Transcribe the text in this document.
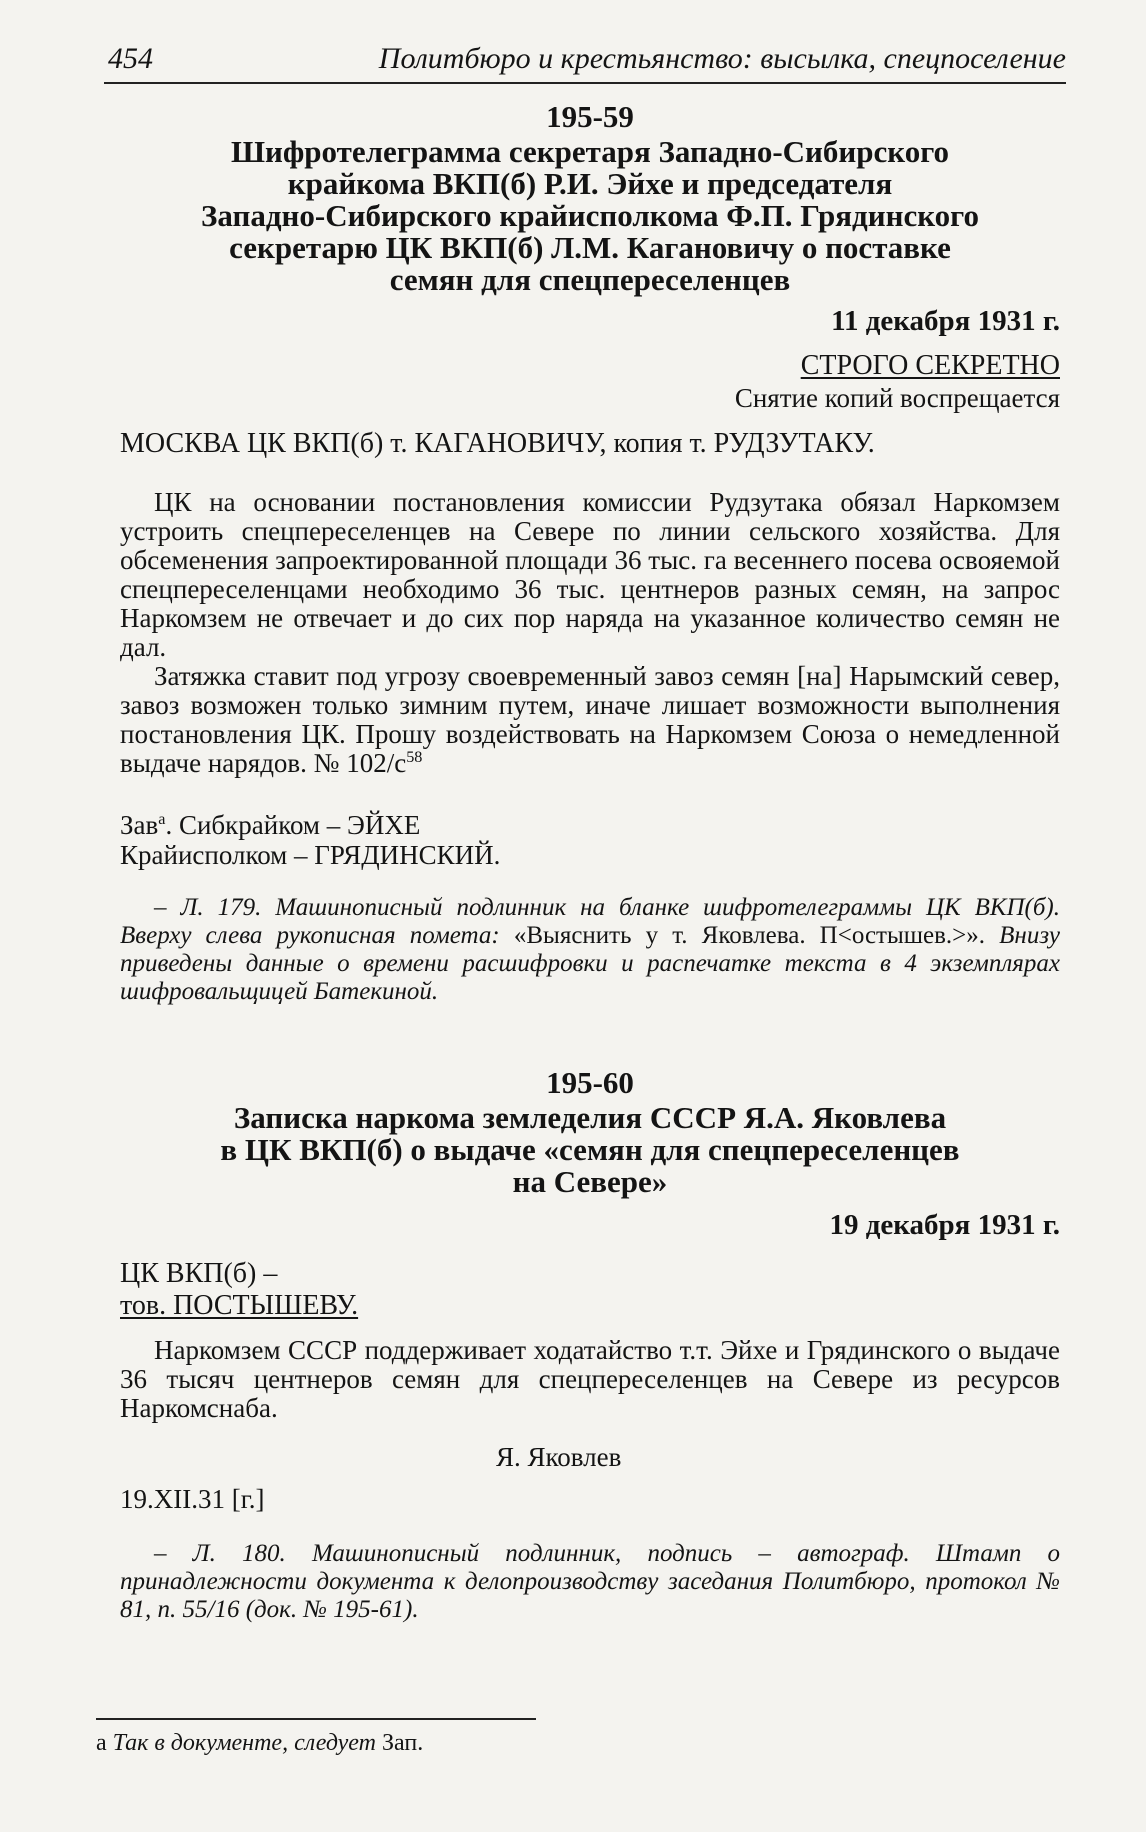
454	Политбюро и крестьянство: высылка, спецпоселение
195-59
Шифротелеграмма секретаря Западно-Сибирского
крайкома ВКП(б) Р.И. Эйхе и председателя
Западно-Сибирского крайисполкома Ф.П. Грядинского
секретарю ЦК ВКП(б) Л.М. Кагановичу о поставке
семян для спецпереселенцев
11 декабря 1931 г.
СТРОГО СЕКРЕТНО
Снятие копий воспрещается
МОСКВА ЦК ВКП(б) т. КАГАНОВИЧУ, копия т. РУДЗУТАКУ.

ЦК на основании постановления комиссии Рудзутака обязал Наркомзем устроить спецпереселенцев на Севере по линии сельского хозяйства. Для обсеменения запроектированной площади 36 тыс. га весеннего посева освояемой спецпереселенцами необходимо 36 тыс. центнеров разных семян, на запрос Наркомзем не отвечает и до сих пор наряда на указанное количество семян не дал.

Затяжка ставит под угрозу своевременный завоз семян [на] Нарымский север, завоз возможен только зимним путем, иначе лишает возможности выполнения постановления ЦК. Прошу воздействовать на Наркомзем Союза о немедленной выдаче нарядов. № $102/с^{58}$

Зав$^а$. Сибкрайком – ЭЙХЕ
Крайисполком – ГРЯДИНСКИЙ.

– Л. 179. Машинописный подлинник на бланке шифротелеграммы ЦК ВКП(б). Вверху слева рукописная помета: «Выяснить у т. Яковлева. П<остышев.>». Внизу приведены данные о времени расшифровки и распечатке текста в 4 экземплярах шифровальщицей Батекиной.

195-60
Записка наркома земледелия СССР Я.А. Яковлева
в ЦК ВКП(б) о выдаче «семян для спецпереселенцев
на Севере»
19 декабря 1931 г.
ЦК ВКП(б) –
тов. ПОСТЫШЕВУ.

Наркомзем СССР поддерживает ходатайство т.т. Эйхе и Грядинского о выдаче 36 тысяч центнеров семян для спецпереселенцев на Севере из ресурсов Наркомснаба.

Я. Яковлев
19.XII.31 [г.]

– Л. 180. Машинописный подлинник, подпись – автограф. Штамп о принадлежности документа к делопроизводству заседания Политбюро, протокол № 81, п. 55/16 (док. № 195-61).

а Так в документе, следует Зап.
